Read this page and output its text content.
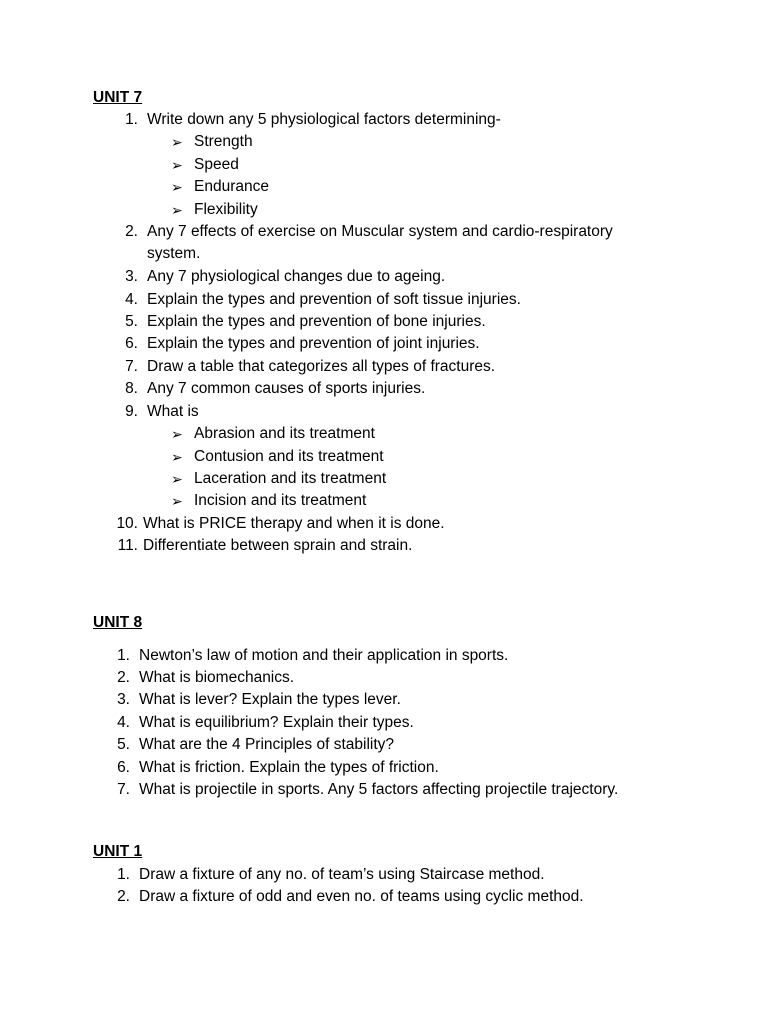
UNIT 7
1. Write down any 5 physiological factors determining-
➢ Strength
➢ Speed
➢ Endurance
➢ Flexibility
2. Any 7 effects of exercise on Muscular system and cardio-respiratory system.
3. Any 7 physiological changes due to ageing.
4. Explain the types and prevention of soft tissue injuries.
5. Explain the types and prevention of bone injuries.
6. Explain the types and prevention of joint injuries.
7. Draw a table that categorizes all types of fractures.
8. Any 7 common causes of sports injuries.
9. What is
➢ Abrasion and its treatment
➢ Contusion and its treatment
➢ Laceration and its treatment
➢ Incision and its treatment
10. What is PRICE therapy and when it is done.
11. Differentiate between sprain and strain.
UNIT 8
1. Newton’s law of motion and their application in sports.
2. What is biomechanics.
3. What is lever? Explain the types lever.
4. What is equilibrium? Explain their types.
5. What are the 4 Principles of stability?
6. What is friction. Explain the types of friction.
7. What is projectile in sports. Any 5 factors affecting projectile trajectory.
UNIT 1
1. Draw a fixture of any no. of team’s using Staircase method.
2. Draw a fixture of odd and even no. of teams using cyclic method.
